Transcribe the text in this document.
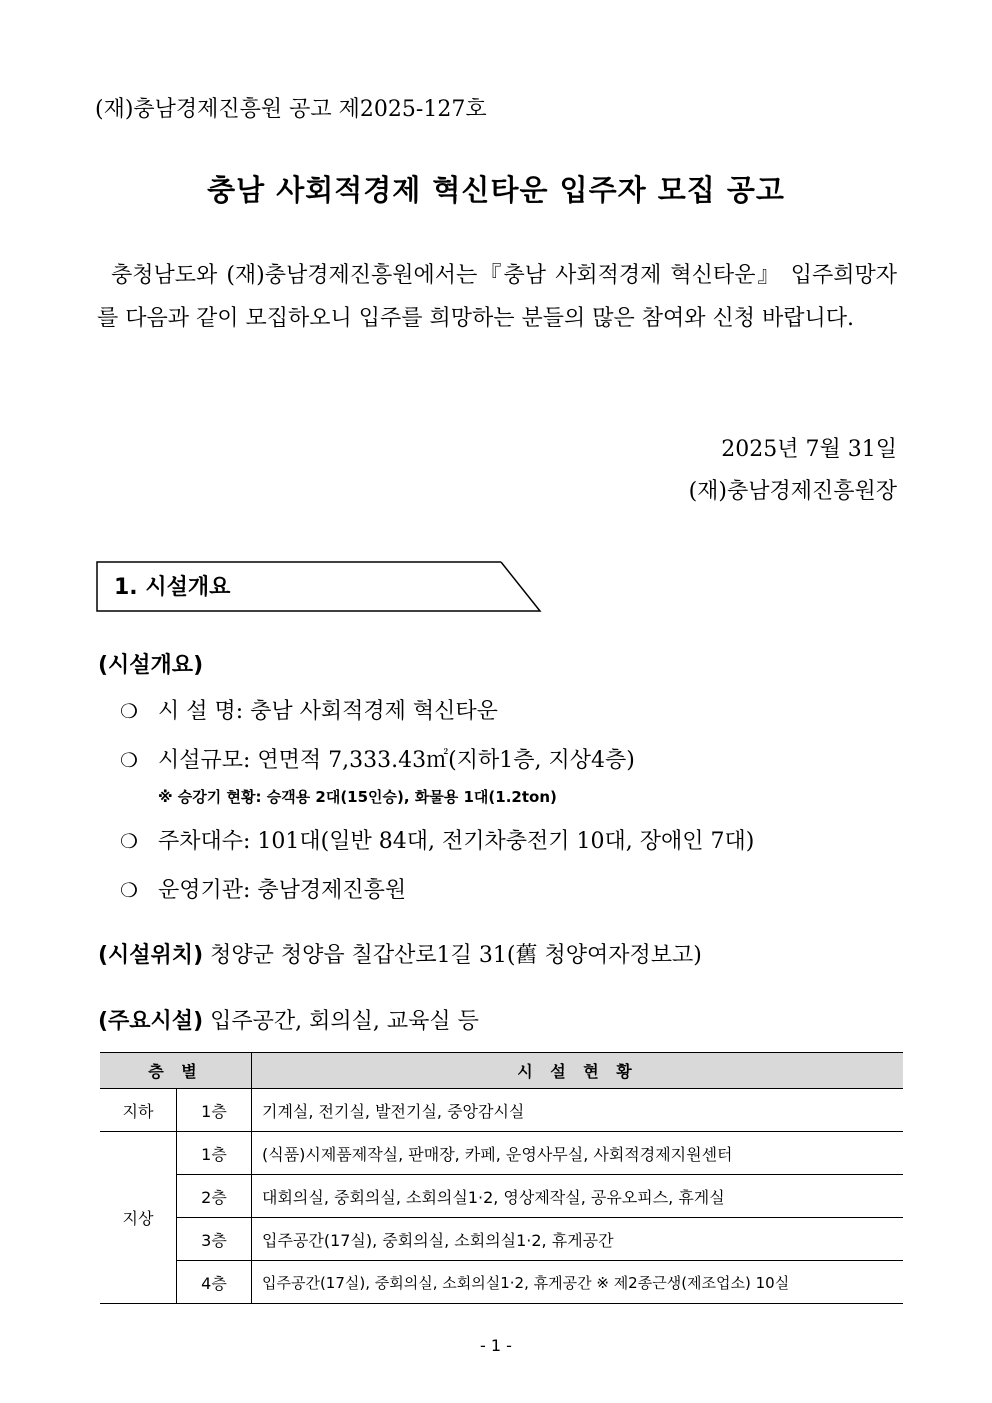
(재)충남경제진흥원 공고 제2025-127호
충남 사회적경제 혁신타운 입주자 모집 공고
충청남도와 (재)충남경제진흥원에서는『충남 사회적경제 혁신타운』 입주희망자를 다음과 같이 모집하오니 입주를 희망하는 분들의 많은 참여와 신청 바랍니다.
2025년 7월 31일
(재)충남경제진흥원장
1. 시설개요
(시설개요)
❍ 시 설 명: 충남 사회적경제 혁신타운
❍ 시설규모: 연면적 7,333.43㎡(지하1층, 지상4층)
※ 승강기 현황: 승객용 2대(15인승), 화물용 1대(1.2ton)
❍ 주차대수: 101대(일반 84대, 전기차충전기 10대, 장애인 7대)
❍ 운영기관: 충남경제진흥원
(시설위치) 청양군 청양읍 칠갑산로1길 31(舊 청양여자정보고)
(주요시설) 입주공간, 회의실, 교육실 등
층 별		시 설 현 황
지하	1층	기계실, 전기실, 발전기실, 중앙감시실
지상	1층	(식품)시제품제작실, 판매장, 카페, 운영사무실, 사회적경제지원센터
	2층	대회의실, 중회의실, 소회의실1·2, 영상제작실, 공유오피스, 휴게실
	3층	입주공간(17실), 중회의실, 소회의실1·2, 휴게공간
	4층	입주공간(17실), 중회의실, 소회의실1·2, 휴게공간 ※ 제2종근생(제조업소) 10실
- 1 -
